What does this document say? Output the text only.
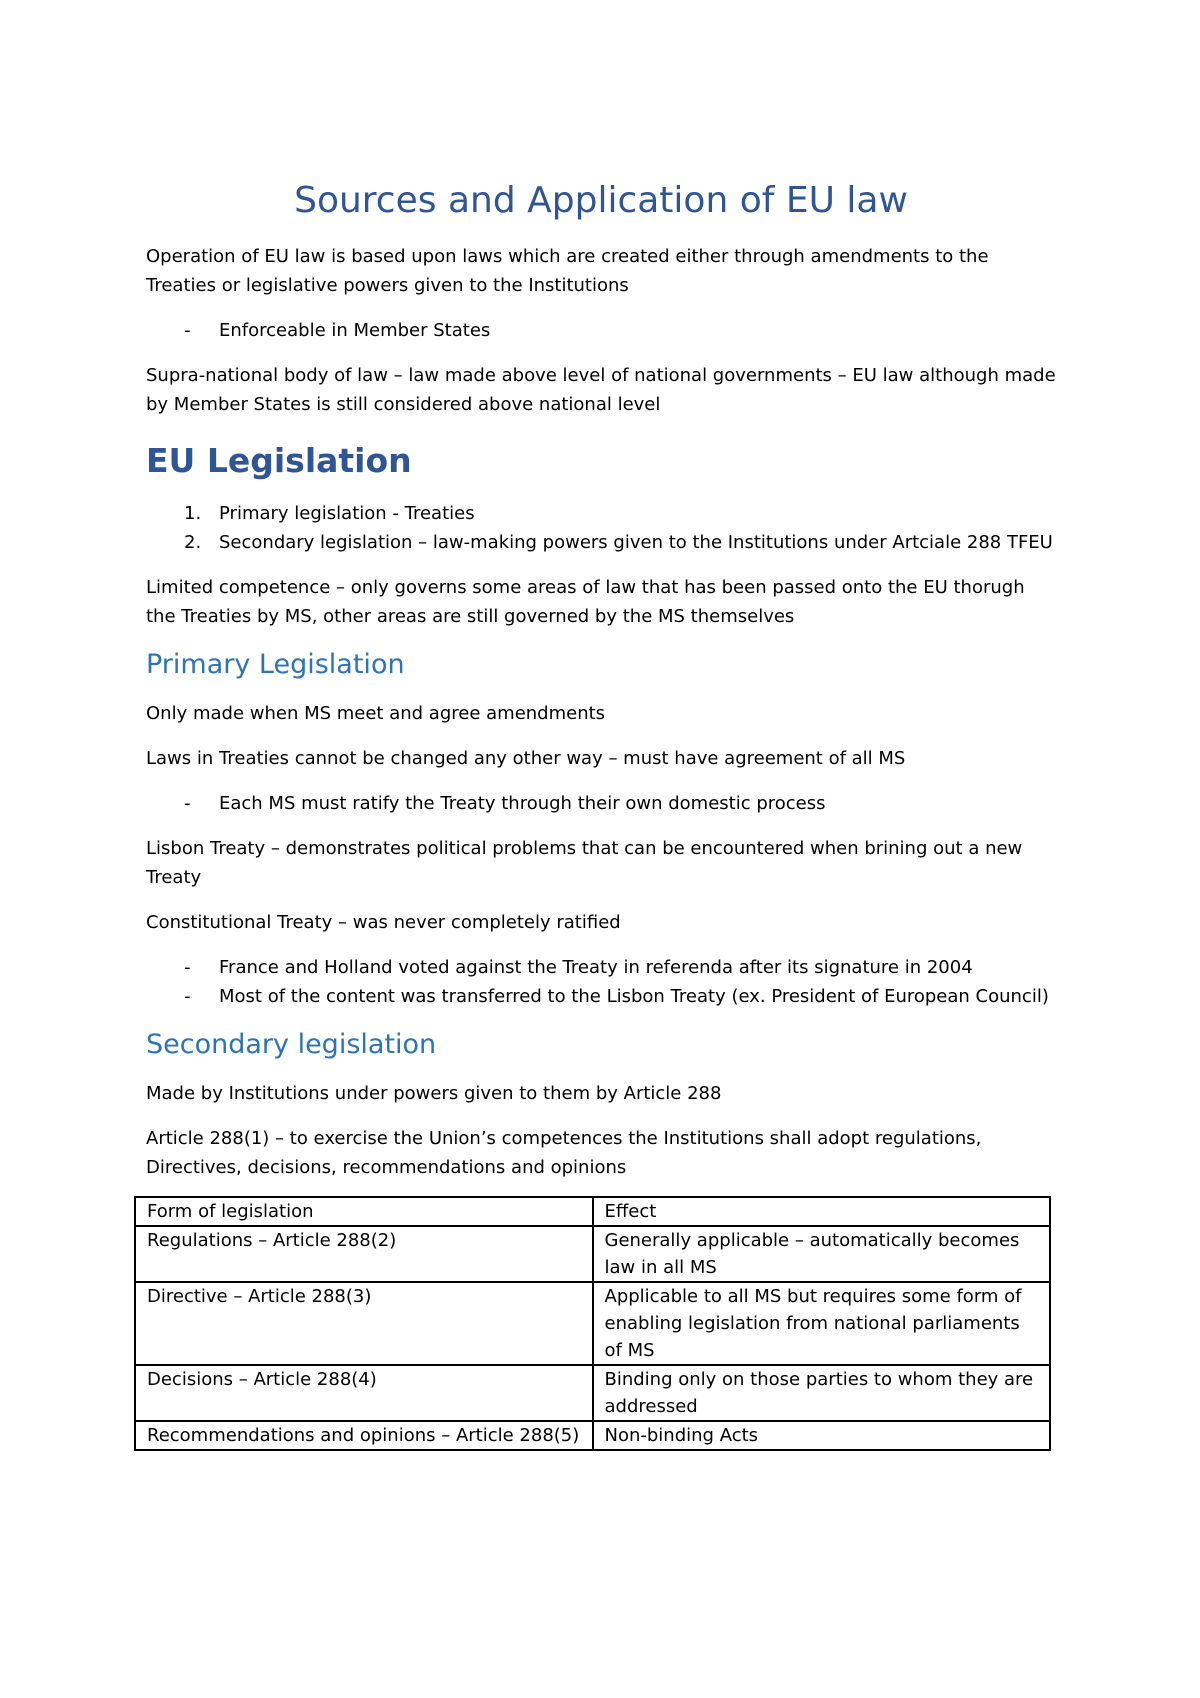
Sources and Application of EU law

Operation of EU law is based upon laws which are created either through amendments to the Treaties or legislative powers given to the Institutions

- Enforceable in Member States

Supra-national body of law – law made above level of national governments – EU law although made by Member States is still considered above national level

EU Legislation
1. Primary legislation - Treaties
2. Secondary legislation – law-making powers given to the Institutions under Artciale 288 TFEU

Limited competence – only governs some areas of law that has been passed onto the EU thorugh the Treaties by MS, other areas are still governed by the MS themselves

Primary Legislation

Only made when MS meet and agree amendments

Laws in Treaties cannot be changed any other way – must have agreement of all MS

- Each MS must ratify the Treaty through their own domestic process

Lisbon Treaty – demonstrates political problems that can be encountered when brining out a new Treaty

Constitutional Treaty – was never completely ratified

- France and Holland voted against the Treaty in referenda after its signature in 2004
- Most of the content was transferred to the Lisbon Treaty (ex. President of European Council)
Secondary legislation

Made by Institutions under powers given to them by Article 288

Article 288(1) – to exercise the Union’s competences the Institutions shall adopt regulations, Directives, decisions, recommendations and opinions

Form of legislation	Effect
Regulations – Article 288(2)	Generally applicable – automatically becomes law in all MS
Directive – Article 288(3)	Applicable to all MS but requires some form of enabling legislation from national parliaments of MS
Decisions – Article 288(4)	Binding only on those parties to whom they are addressed
Recommendations and opinions – Article 288(5)	Non-binding Acts
